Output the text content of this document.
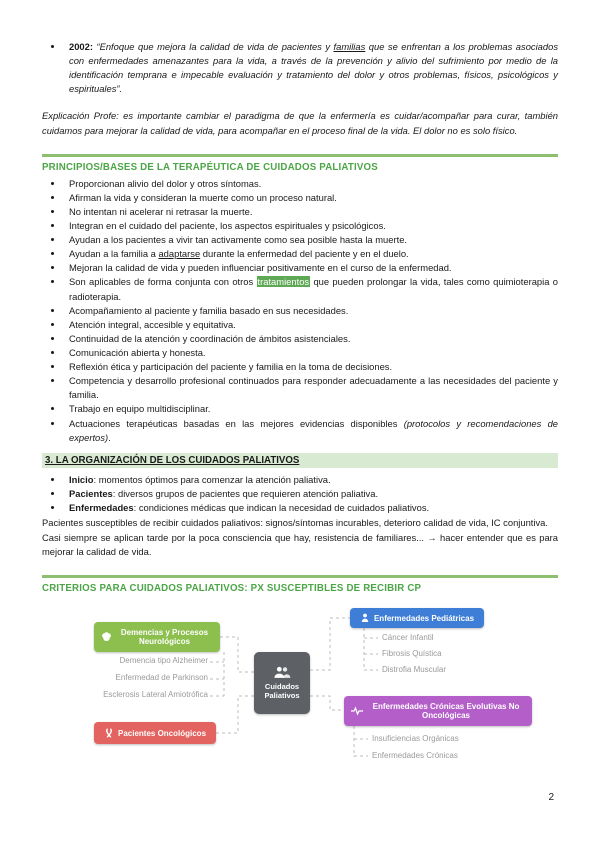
• 2002: “Enfoque que mejora la calidad de vida de pacientes y familias que se enfrentan a los problemas asociados con enfermedades amenazantes para la vida, a través de la prevención y alivio del sufrimiento por medio de la identificación temprana e impecable evaluación y tratamiento del dolor y otros problemas, físicos, psicológicos y espirituales”.

Explicación Profe: es importante cambiar el paradigma de que la enfermería es cuidar/acompañar para curar, también cuidamos para mejorar la calidad de vida, para acompañar en el proceso final de la vida. El dolor no es solo físico.

PRINCIPIOS/BASES DE LA TERAPÉUTICA DE CUIDADOS PALIATIVOS
• Proporcionan alivio del dolor y otros síntomas.
• Afirman la vida y consideran la muerte como un proceso natural.
• No intentan ni acelerar ni retrasar la muerte.
• Integran en el cuidado del paciente, los aspectos espirituales y psicológicos.
• Ayudan a los pacientes a vivir tan activamente como sea posible hasta la muerte.
• Ayudan a la familia a adaptarse durante la enfermedad del paciente y en el duelo.
• Mejoran la calidad de vida y pueden influenciar positivamente en el curso de la enfermedad.
• Son aplicables de forma conjunta con otros tratamientos que pueden prolongar la vida, tales como quimioterapia o radioterapia.
• Acompañamiento al paciente y familia basado en sus necesidades.
• Atención integral, accesible y equitativa.
• Continuidad de la atención y coordinación de ámbitos asistenciales.
• Comunicación abierta y honesta.
• Reflexión ética y participación del paciente y familia en la toma de decisiones.
• Competencia y desarrollo profesional continuados para responder adecuadamente a las necesidades del paciente y familia.
• Trabajo en equipo multidisciplinar.
• Actuaciones terapéuticas basadas en las mejores evidencias disponibles (protocolos y recomendaciones de expertos).
3. LA ORGANIZACIÓN DE LOS CUIDADOS PALIATIVOS
• Inicio: momentos óptimos para comenzar la atención paliativa.
• Pacientes: diversos grupos de pacientes que requieren atención paliativa.
• Enfermedades: condiciones médicas que indican la necesidad de cuidados paliativos.

Pacientes susceptibles de recibir cuidados paliativos: signos/síntomas incurables, deterioro calidad de vida, IC conjuntiva.

Casi siempre se aplican tarde por la poca consciencia que hay, resistencia de familiares... → hacer entender que es para mejorar la calidad de vida.

CRITERIOS PARA CUIDADOS PALIATIVOS: PX SUSCEPTIBLES DE RECIBIR CP
Demencias y Procesos Neurológicos
Demencia tipo Alzheimer
Enfermedad de Parkinson
Esclerosis Lateral Amiotrófica
Pacientes Oncológicos
Cuidados Paliativos
Enfermedades Pediátricas
Cáncer Infantil
Fibrosis Quística
Distrofia Muscular
Enfermedades Crónicas Evolutivas No Oncológicas
Insuficiencias Orgánicas
Enfermedades Crónicas
2
